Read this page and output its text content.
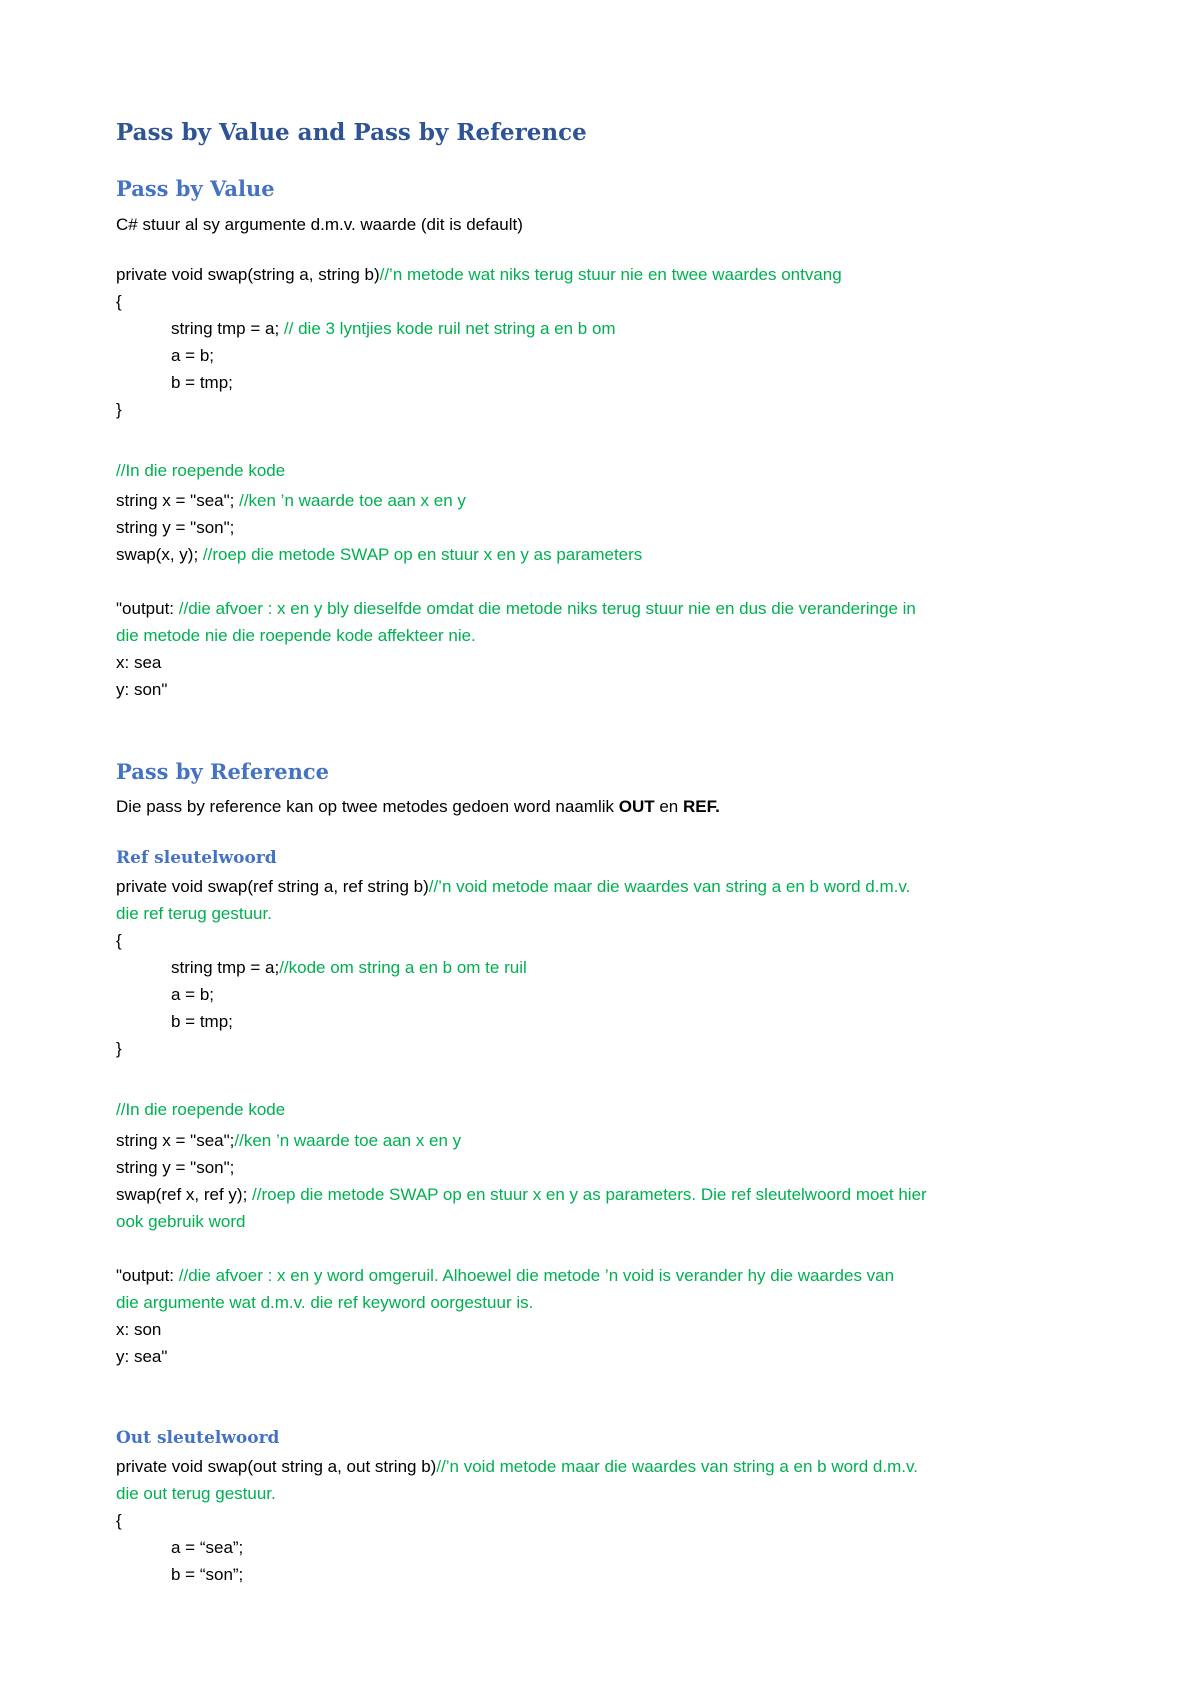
Pass by Value and Pass by Reference
Pass by Value
C# stuur al sy argumente d.m.v. waarde (dit is default)
private void swap(string a, string b)//’n metode wat niks terug stuur nie en twee waardes ontvang
{
string tmp = a; // die 3 lyntjies kode ruil net string a en b om
a = b;
b = tmp;
}
//In die roepende kode
string x = "sea"; //ken ’n waarde toe aan x en y
string y = "son";
swap(x, y); //roep die metode SWAP op en stuur x en y as parameters
"output: //die afvoer : x en y bly dieselfde omdat die metode niks terug stuur nie en dus die veranderinge in
die metode nie die roepende kode affekteer nie.
x: sea
y: son"
Pass by Reference
Die pass by reference kan op twee metodes gedoen word naamlik OUT en REF.
Ref sleutelwoord
private void swap(ref string a, ref string b)//’n void metode maar die waardes van string a en b word d.m.v.
die ref terug gestuur.
{
string tmp = a;//kode om string a en b om te ruil
a = b;
b = tmp;
}
//In die roepende kode
string x = "sea";//ken ’n waarde toe aan x en y
string y = "son";
swap(ref x, ref y); //roep die metode SWAP op en stuur x en y as parameters. Die ref sleutelwoord moet hier
ook gebruik word
"output: //die afvoer : x en y word omgeruil. Alhoewel die metode ’n void is verander hy die waardes van
die argumente wat d.m.v. die ref keyword oorgestuur is.
x: son
y: sea"
Out sleutelwoord
private void swap(out string a, out string b)//’n void metode maar die waardes van string a en b word d.m.v.
die out terug gestuur.
{
a = “sea”;
b = “son”;
